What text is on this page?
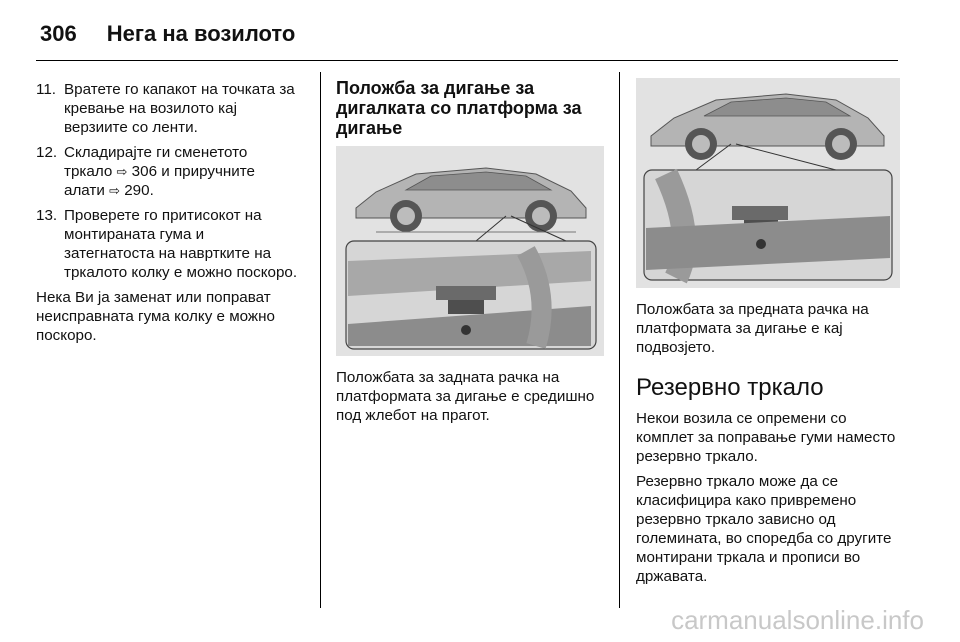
306 Нега на возилото
11. Вратете го капакот на точката за кревање на возилото кај верзиите со ленти.
12. Складирајте ги сменетото тркало ⇨ 306 и приручните алати ⇨ 290.
13. Проверете го притисокот на монтираната гума и затегнатоста на навртките на тркалото колку е можно поскоро.

Нека Ви ја заменат или поправат неисправната гума колку е можно поскоро.

Положба за дигање за дигалката со платформа за дигање

Положбата за задната рачка на платформата за дигање е средишно под жлебот на прагот.

Положбата за предната рачка на платформата за дигање е кај подвозјето.

Резервно тркало

Некои возила се опремени со комплет за поправање гуми наместо резервно тркало.

Резервно тркало може да се класифицира како привремено резервно тркало зависно од големината, во споредба со другите монтирани тркала и прописи во државата.

carmanualsonline.info
